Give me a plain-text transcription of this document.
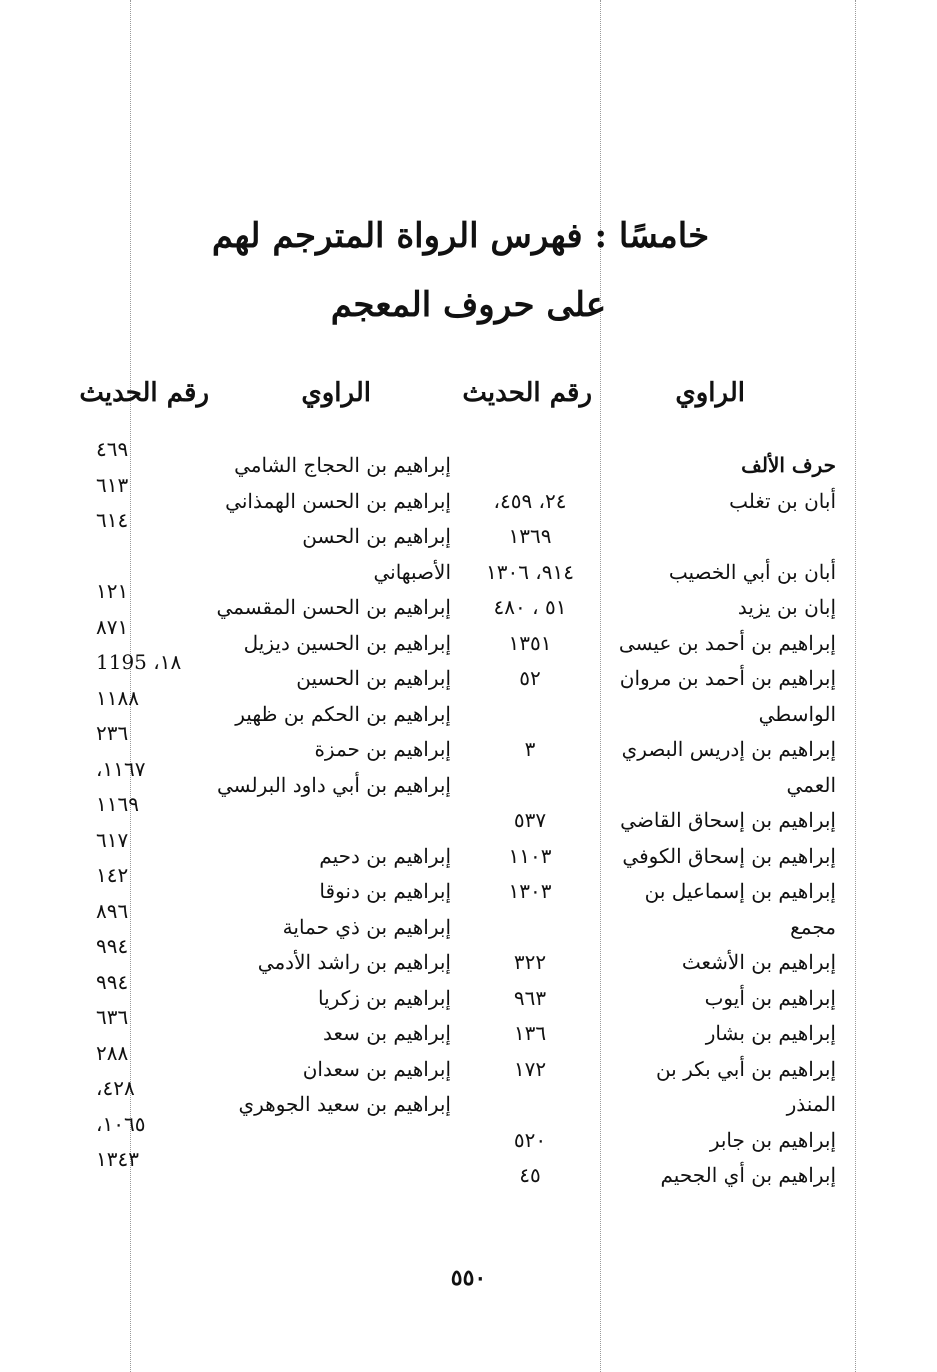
خامسًا : فهرس الرواة المترجم لهم
على حروف المعجم
الراوي
رقم الحديث
الراوي
رقم الحديث
حرف الألف
أبان بن تغلب
أبان بن أبي الخصيب
إبان بن يزيد
إبراهيم بن أحمد بن عيسى
إبراهيم بن أحمد بن مروان
الواسطي
إبراهيم بن إدريس البصري
العمي
إبراهيم بن إسحاق القاضي
إبراهيم بن إسحاق الكوفي
إبراهيم بن إسماعيل بن
مجمع
إبراهيم بن الأشعث
إبراهيم بن أيوب
إبراهيم بن بشار
إبراهيم بن أبي بكر بن
المنذر
إبراهيم بن جابر
إبراهيم بن أي الجحيم
٢٤، ٤٥٩،
١٣٦٩
٩١٤، ١٣٠٦
٥١ ، ٤٨٠
١٣٥١
٥٢
٣
٥٣٧
١١٠٣
١٣٠٣
٣٢٢
٩٦٣
١٣٦
١٧٢
٥٢٠
٤٥
إبراهيم بن الحجاج الشامي
إبراهيم بن الحسن الهمذاني
إبراهيم بن الحسن
الأصبهاني
إبراهيم بن الحسن المقسمي
إبراهيم بن الحسين ديزيل
إبراهيم بن الحسين
إبراهيم بن الحكم بن ظهير
إبراهيم بن حمزة
إبراهيم بن أبي داود البرلسي
إبراهيم بن دحيم
إبراهيم بن دنوقا
إبراهيم بن ذي حماية
إبراهيم بن راشد الأدمي
إبراهيم بن زكريا
إبراهيم بن سعد
إبراهيم بن سعدان
إبراهيم بن سعيد الجوهري
٤٦٩
٦١٣
٦١٤
١٢١
٨٧١
١٨، 1195
١١٨٨
٢٣٦
١١٦٧،
١١٦٩
٦١٧
١٤٢
٨٩٦
٩٩٤
٩٩٤
٦٣٦
٢٨٨
٤٢٨،
١٠٦٥،
١٣٤٣
٥٥٠
